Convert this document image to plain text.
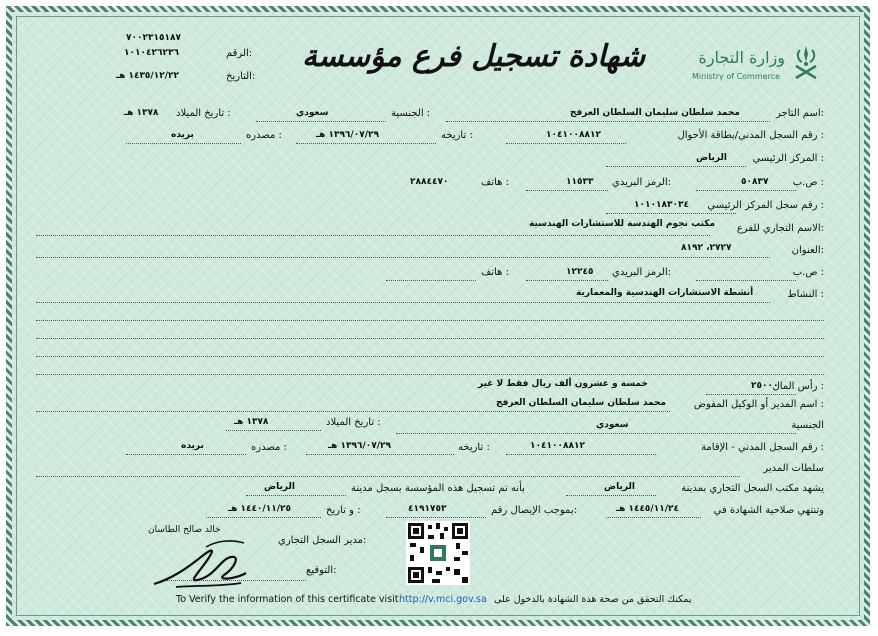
٧٠٠٢٣١٥١٨٧
١٠١٠٤٢٦٢٣٦	الرقم:
١٤٣٥/١٢/٢٢ هـ	التاريخ:
شهادة تسجيل فرع مؤسسة	وزارة التجارة
Ministry of Commerce
اسم التاجر:
محمد سلطان سليمان السلطان العرفج
الجنسية :
سعودي
تاريخ الميلاد :
١٣٧٨ هـ
رقم السجل المدني/بطاقة الأحوال :
١٠٤١٠٠٨٨١٢
تاريخه :
١٣٩٦/٠٧/٢٩ هـ
مصدره :
بريده
المركز الرئيسي :
الرياض
ص.ب :
٥٠٨٣٧
الرمز البريدي:
١١٥٣٣
هاتف :
٢٨٨٤٤٧٠
رقم سجل المركز الرئيسي :
١٠١٠١٨٣٠٣٤
الاسم التجاري للفرع:
مكتب نجوم الهندسة للاستشارات الهندسية
العنوان:
٢٧٢٧، ٨١٩٢
ص.ب :
الرمز البريدي:
١٢٢٤٥
هاتف :
النشاط :
أنشطة الاستشارات الهندسية والمعمارية
رأس المال :
٢٥٠٠٠
خمسة و عشرون ألف ريال فقط لا غير
اسم المدير أو الوكيل المفوض :
محمد سلطان سليمان السلطان العرفج
الجنسية
سعودي
تاريخ الميلاد :
١٣٧٨ هـ
رقم السجل المدني - الإقامة :
١٠٤١٠٠٨٨١٢
تاريخه :
١٣٩٦/٠٧/٢٩ هـ
مصدره :
بريده
سلطات المدير
يشهد مكتب السجل التجاري بمدينة
الرياض
بأنه تم تسجيل هذه المؤسسة بسجل مدينة
الرياض
وتنتهي صلاحية الشهادة في
١٤٤٥/١١/٢٤ هـ
بموجب الإيصال رقم:
٤١٩١٧٥٣
و تاريخ :
١٤٤٠/١١/٢٥ هـ
خالد صالح الطاسان
مدير السجل التجاري:
التوقيع:
To Verify the information of this certificate visit http://v.mci.gov.sa يمكنك التحقق من صحة هذة الشهادة بالدخول على
